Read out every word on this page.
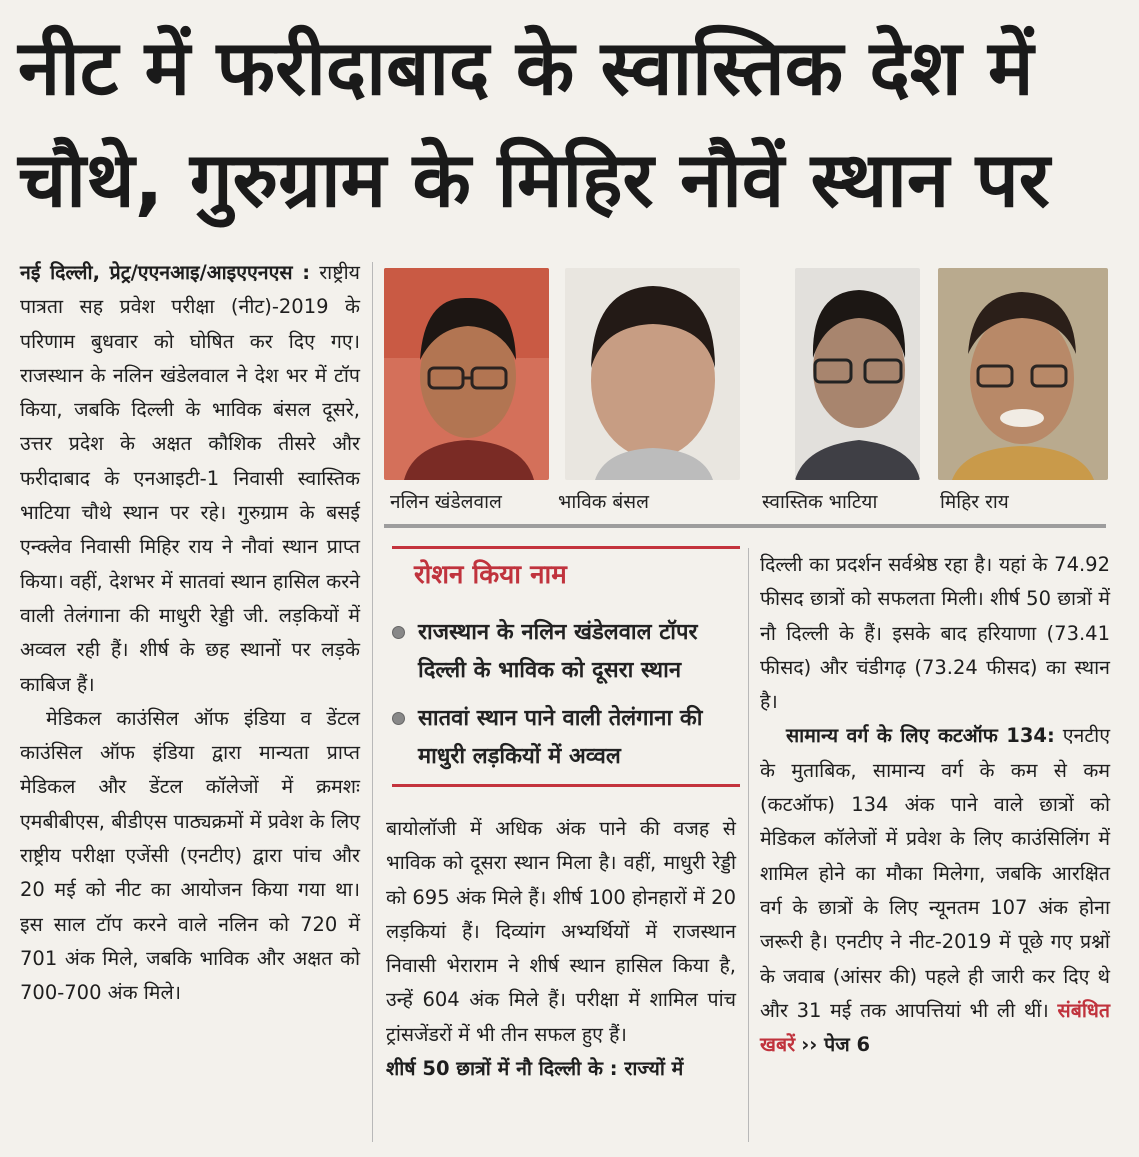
नीट में फरीदाबाद के स्वास्तिक देश में
चौथे, गुरुग्राम के मिहिर नौवें स्थान पर

नई दिल्ली, प्रेट्र/एएनआइ/आइएएनएस : राष्ट्रीय पात्रता सह प्रवेश परीक्षा (नीट)-2019 के परिणाम बुधवार को घोषित कर दिए गए। राजस्थान के नलिन खंडेलवाल ने देश भर में टॉप किया, जबकि दिल्ली के भाविक बंसल दूसरे, उत्तर प्रदेश के अक्षत कौशिक तीसरे और फरीदाबाद के एनआइटी-1 निवासी स्वास्तिक भाटिया चौथे स्थान पर रहे। गुरुग्राम के बसई एन्क्लेव निवासी मिहिर राय ने नौवां स्थान प्राप्त किया। वहीं, देशभर में सातवां स्थान हासिल करने वाली तेलंगाना की माधुरी रेड्डी जी. लड़कियों में अव्वल रही हैं। शीर्ष के छह स्थानों पर लड़के काबिज हैं।

मेडिकल काउंसिल ऑफ इंडिया व डेंटल काउंसिल ऑफ इंडिया द्वारा मान्यता प्राप्त मेडिकल और डेंटल कॉलेजों में क्रमशः एमबीबीएस, बीडीएस पाठ्यक्रमों में प्रवेश के लिए राष्ट्रीय परीक्षा एजेंसी (एनटीए) द्वारा पांच और 20 मई को नीट का आयोजन किया गया था। इस साल टॉप करने वाले नलिन को 720 में 701 अंक मिले, जबकि भाविक और अक्षत को 700-700 अंक मिले।

नलिन खंडेलवाल	भाविक बंसल	स्वास्तिक भाटिया	मिहिर राय
रोशन किया नाम
राजस्थान के नलिन खंडेलवाल टॉपर दिल्ली के भाविक को दूसरा स्थान
सातवां स्थान पाने वाली तेलंगाना की माधुरी लड़कियों में अव्वल

बायोलॉजी में अधिक अंक पाने की वजह से भाविक को दूसरा स्थान मिला है। वहीं, माधुरी रेड्डी को 695 अंक मिले हैं। शीर्ष 100 होनहारों में 20 लड़कियां हैं। दिव्यांग अभ्यर्थियों में राजस्थान निवासी भेराराम ने शीर्ष स्थान हासिल किया है, उन्हें 604 अंक मिले हैं। परीक्षा में शामिल पांच ट्रांसजेंडरों में भी तीन सफल हुए हैं।

शीर्ष 50 छात्रों में नौ दिल्ली के : राज्यों में

दिल्ली का प्रदर्शन सर्वश्रेष्ठ रहा है। यहां के 74.92 फीसद छात्रों को सफलता मिली। शीर्ष 50 छात्रों में नौ दिल्ली के हैं। इसके बाद हरियाणा (73.41 फीसद) और चंडीगढ़ (73.24 फीसद) का स्थान है।

सामान्य वर्ग के लिए कटऑफ 134: एनटीए के मुताबिक, सामान्य वर्ग के कम से कम (कटऑफ) 134 अंक पाने वाले छात्रों को मेडिकल कॉलेजों में प्रवेश के लिए काउंसिलिंग में शामिल होने का मौका मिलेगा, जबकि आरक्षित वर्ग के छात्रों के लिए न्यूनतम 107 अंक होना जरूरी है। एनटीए ने नीट-2019 में पूछे गए प्रश्नों के जवाब (आंसर की) पहले ही जारी कर दिए थे और 31 मई तक आपत्तियां भी ली थीं। संबंधित खबरें ›› पेज 6
